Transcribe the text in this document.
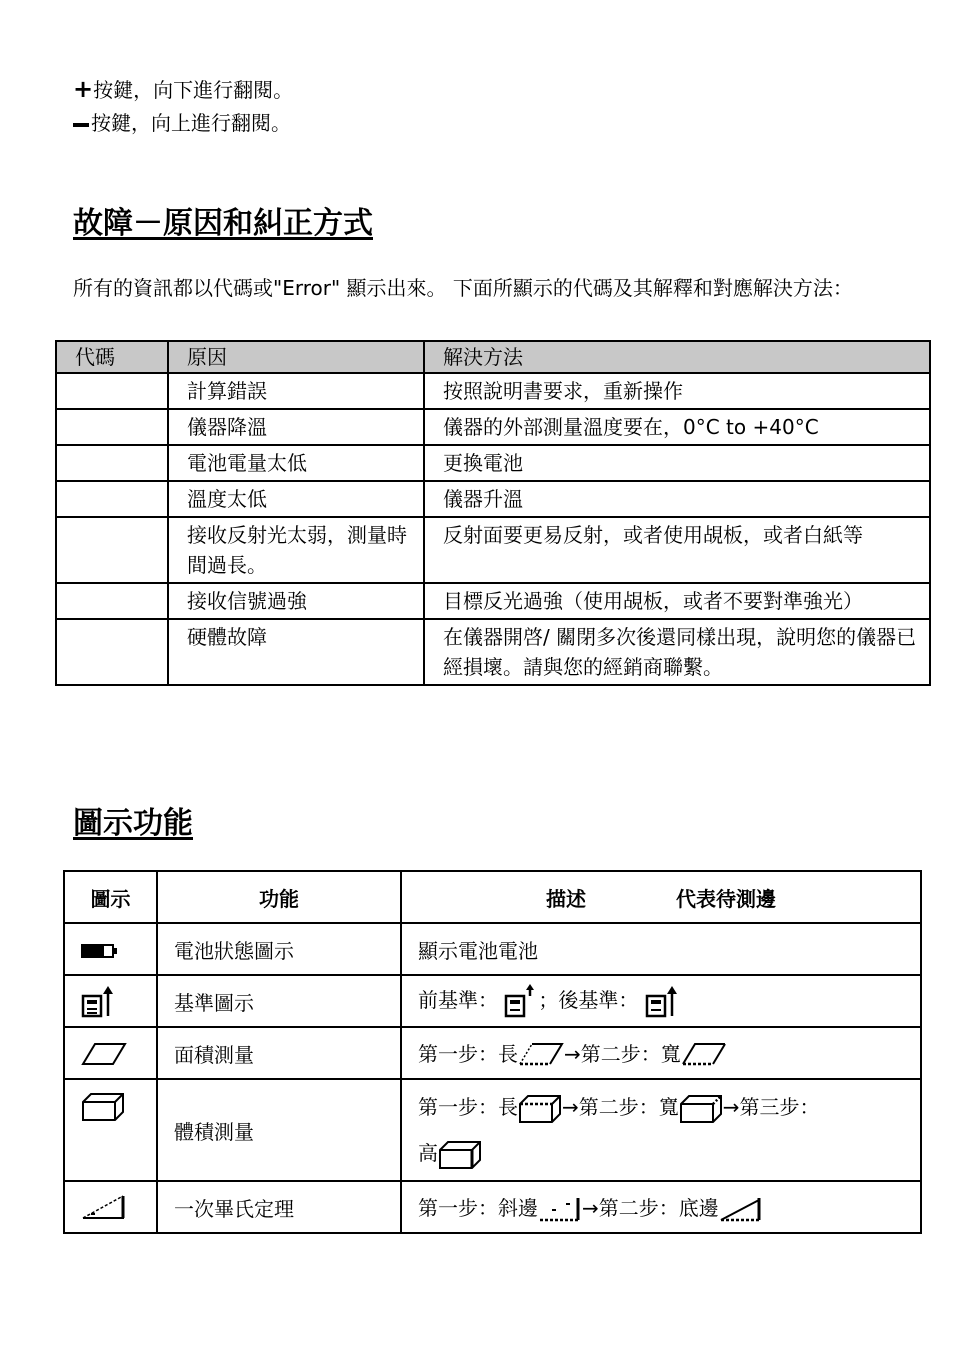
+按鍵，向下進行翻閱。
按鍵，向上進行翻閱。
故障－原因和糾正方式
所有的資訊都以代碼或"Error" 顯示出來。 下面所顯示的代碼及其解釋和對應解決方法：
代碼	原因	解決方法
	計算錯誤	按照說明書要求，重新操作
	儀器降溫	儀器的外部測量溫度要在，0°C to +40°C
	電池電量太低	更換電池
	溫度太低	儀器升溫
	接收反射光太弱，測量時間過長。	反射面要更易反射，或者使用覘板，或者白紙等
	接收信號過強	目標反光過強（使用覘板，或者不要對準強光）
	硬體故障	在儀器開啓/ 關閉多次後還同樣出現，說明您的儀器已經損壞。請與您的經銷商聯繫。
圖示功能
圖示	功能	描述 代表待測邊
	電池狀態圖示	顯示電池電池
	基準圖示	前基準： ；後基準：
	面積測量	第一步：長 →第二步：寬
	體積測量	第一步：長 →第二步：寬 →第三步：
高
	一次畢氏定理	第一步：斜邊 →第二步：底邊
